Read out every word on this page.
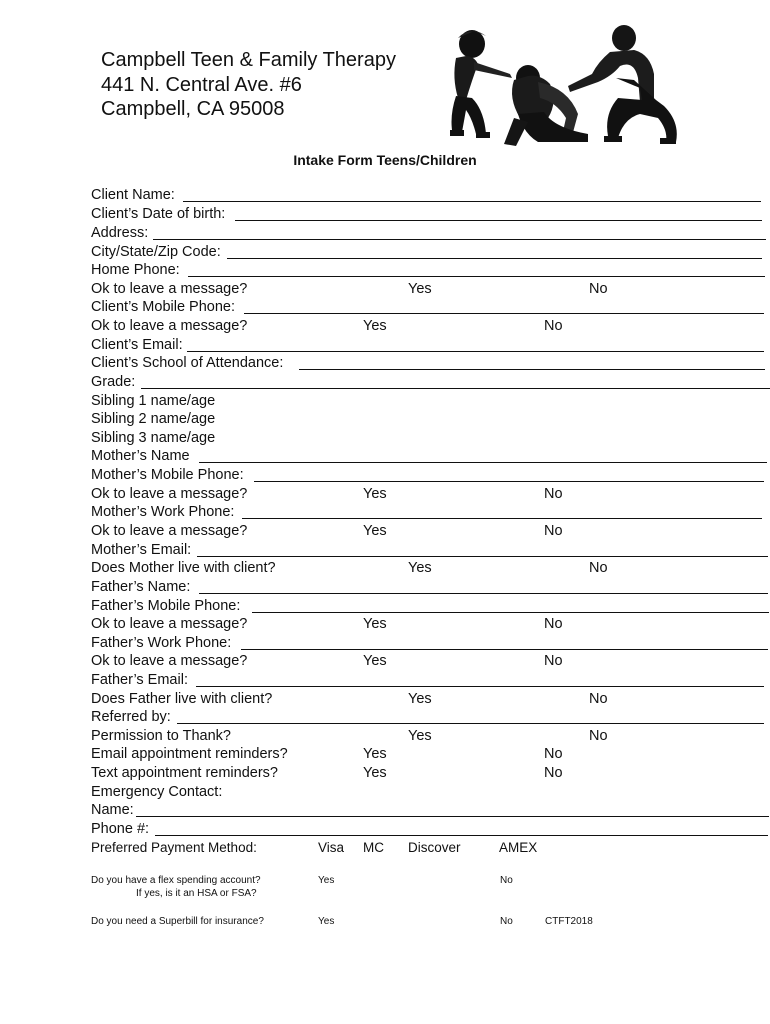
Campbell Teen & Family Therapy
441 N. Central Ave. #6
Campbell, CA 95008
Intake Form Teens/Children
Client Name:
Client’s Date of birth:
Address:
City/State/Zip Code:
Home Phone:
Ok to leave a message?	Yes	No
Client’s Mobile Phone:
Ok to leave a message?	Yes	No
Client’s Email:
Client’s School of Attendance:
Grade:
Sibling 1 name/age
Sibling 2 name/age
Sibling 3 name/age
Mother’s Name
Mother’s Mobile Phone:
Ok to leave a message?	Yes	No
Mother’s Work Phone:
Ok to leave a message?	Yes	No
Mother’s Email:
Does Mother live with client?	Yes	No
Father’s Name:
Father’s Mobile Phone:
Ok to leave a message?	Yes	No
Father’s Work Phone:
Ok to leave a message?	Yes	No
Father’s Email:
Does Father live with client?	Yes	No
Referred by:
Permission to Thank?	Yes	No
Email appointment reminders?	Yes	No
Text appointment reminders?	Yes	No
Emergency Contact:
Name:
Phone #:
Preferred Payment Method:	Visa MC Discover	AMEX
Do you have a flex spending account?	Yes	No
If yes, is it an HSA or FSA?
Do you need a Superbill for insurance?	Yes	No	CTFT2018
